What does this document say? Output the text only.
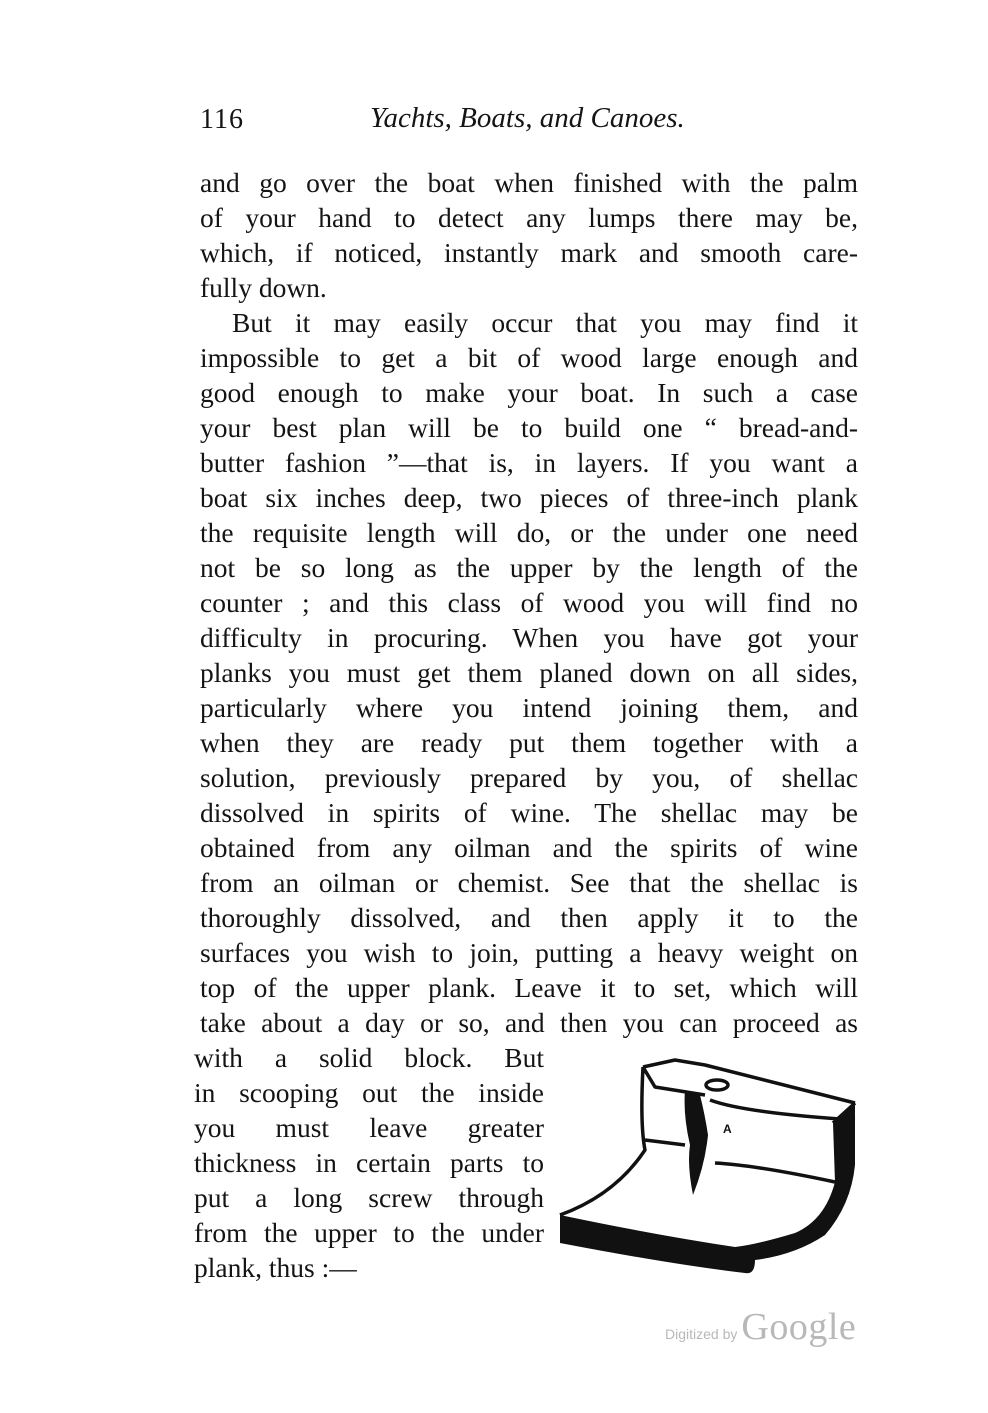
116	Yachts, Boats, and Canoes.
and go over the boat when finished with the palm
of your hand to detect any lumps there may be,
which, if noticed, instantly mark and smooth care-
fully down.
But it may easily occur that you may find it
impossible to get a bit of wood large enough and
good enough to make your boat. In such a case
your best plan will be to build one “ bread-and-
butter fashion ”—that is, in layers. If you want a
boat six inches deep, two pieces of three-inch plank
the requisite length will do, or the under one need
not be so long as the upper by the length of the
counter ; and this class of wood you will find no
difficulty in procuring. When you have got your
planks you must get them planed down on all sides,
particularly where you intend joining them, and
when they are ready put them together with a
solution, previously prepared by you, of shellac
dissolved in spirits of wine. The shellac may be
obtained from any oilman and the spirits of wine
from an oilman or chemist. See that the shellac is
thoroughly dissolved, and then apply it to the
surfaces you wish to join, putting a heavy weight on
top of the upper plank. Leave it to set, which will
take about a day or so, and then you can proceed as
with a solid block. But
in scooping out the inside
you must leave greater
thickness in certain parts to
put a long screw through
from the upper to the under
plank, thus :—
A
Digitized by Google
